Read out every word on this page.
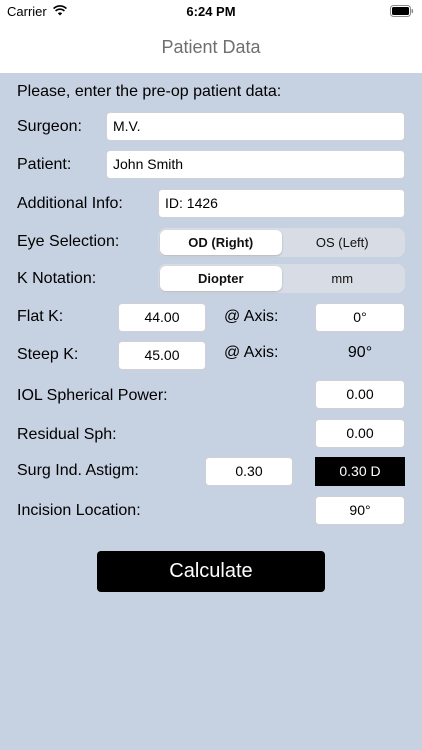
Carrier	6:24 PM
Patient Data
Please, enter the pre-op patient data:
Surgeon:	M.V.
Patient:	John Smith
Additional Info:	ID: 1426
Eye Selection:	OD (Right)	OS (Left)
K Notation:	Diopter	mm
Flat K:	44.00	@ Axis:	0°
Steep K:	45.00	@ Axis:	90°
IOL Spherical Power:	0.00
Residual Sph:	0.00
Surg Ind. Astigm:	0.30	0.30 D
Incision Location:	90°
Calculate
